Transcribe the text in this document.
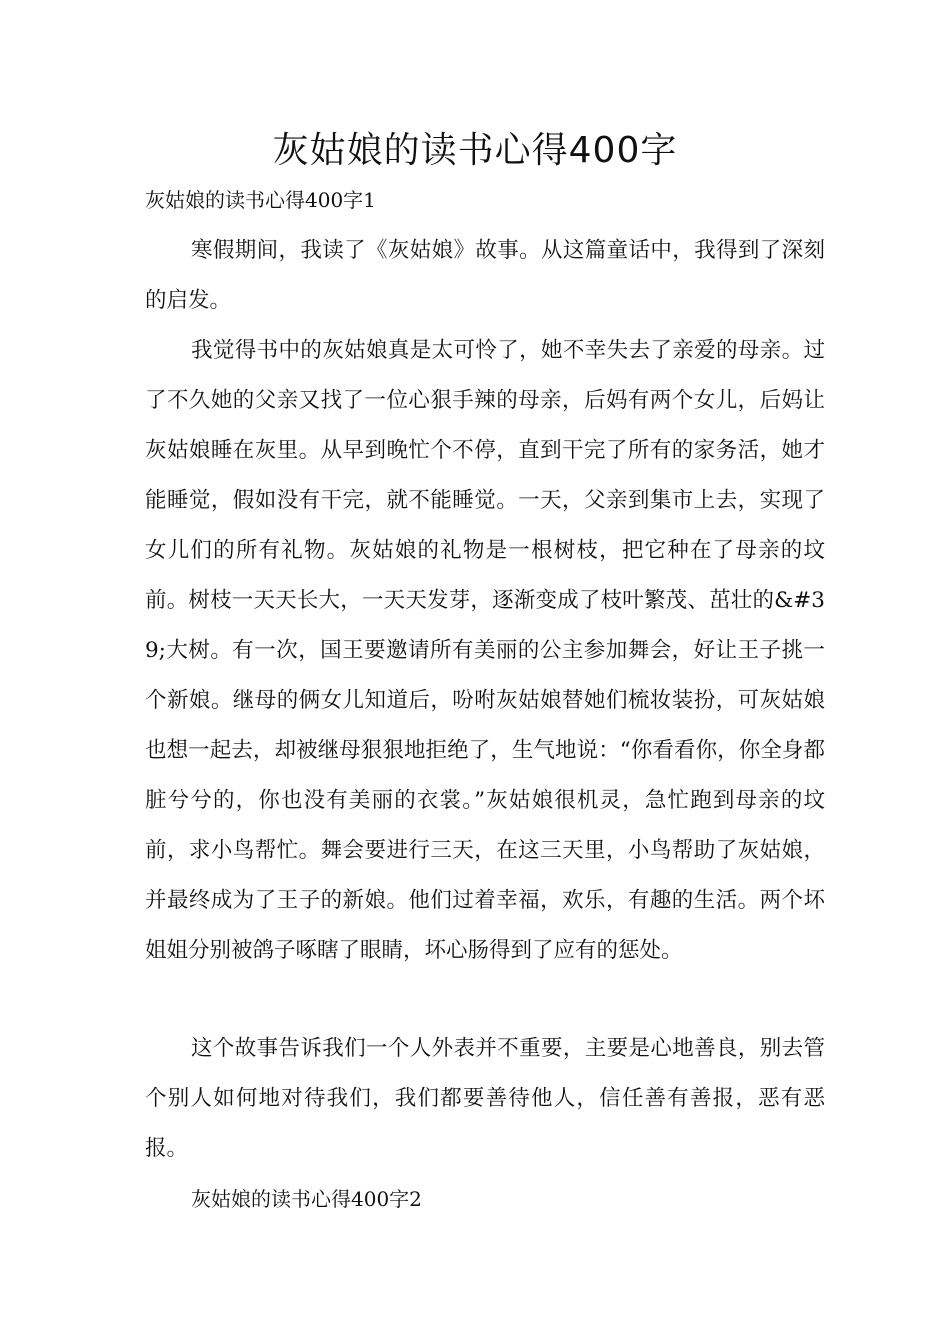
灰姑娘的读书心得400字
灰姑娘的读书心得400字1

寒假期间，我读了《灰姑娘》故事。从这篇童话中，我得到了深刻的启发。

我觉得书中的灰姑娘真是太可怜了，她不幸失去了亲爱的母亲。过了不久她的父亲又找了一位心狠手辣的母亲，后妈有两个女儿，后妈让灰姑娘睡在灰里。从早到晚忙个不停，直到干完了所有的家务活，她才能睡觉，假如没有干完，就不能睡觉。一天，父亲到集市上去，实现了女儿们的所有礼物。灰姑娘的礼物是一根树枝，把它种在了母亲的坟前。树枝一天天长大，一天天发芽，逐渐变成了枝叶繁茂、茁壮的&#39;大树。有一次，国王要邀请所有美丽的公主参加舞会，好让王子挑一个新娘。继母的俩女儿知道后，吩咐灰姑娘替她们梳妆装扮，可灰姑娘也想一起去，却被继母狠狠地拒绝了，生气地说：“你看看你，你全身都脏兮兮的，你也没有美丽的衣裳。”灰姑娘很机灵，急忙跑到母亲的坟前，求小鸟帮忙。舞会要进行三天，在这三天里，小鸟帮助了灰姑娘，并最终成为了王子的新娘。他们过着幸福，欢乐，有趣的生活。两个坏姐姐分别被鸽子啄瞎了眼睛，坏心肠得到了应有的惩处。

这个故事告诉我们一个人外表并不重要，主要是心地善良，别去管个别人如何地对待我们，我们都要善待他人，信任善有善报，恶有恶报。

灰姑娘的读书心得400字2
